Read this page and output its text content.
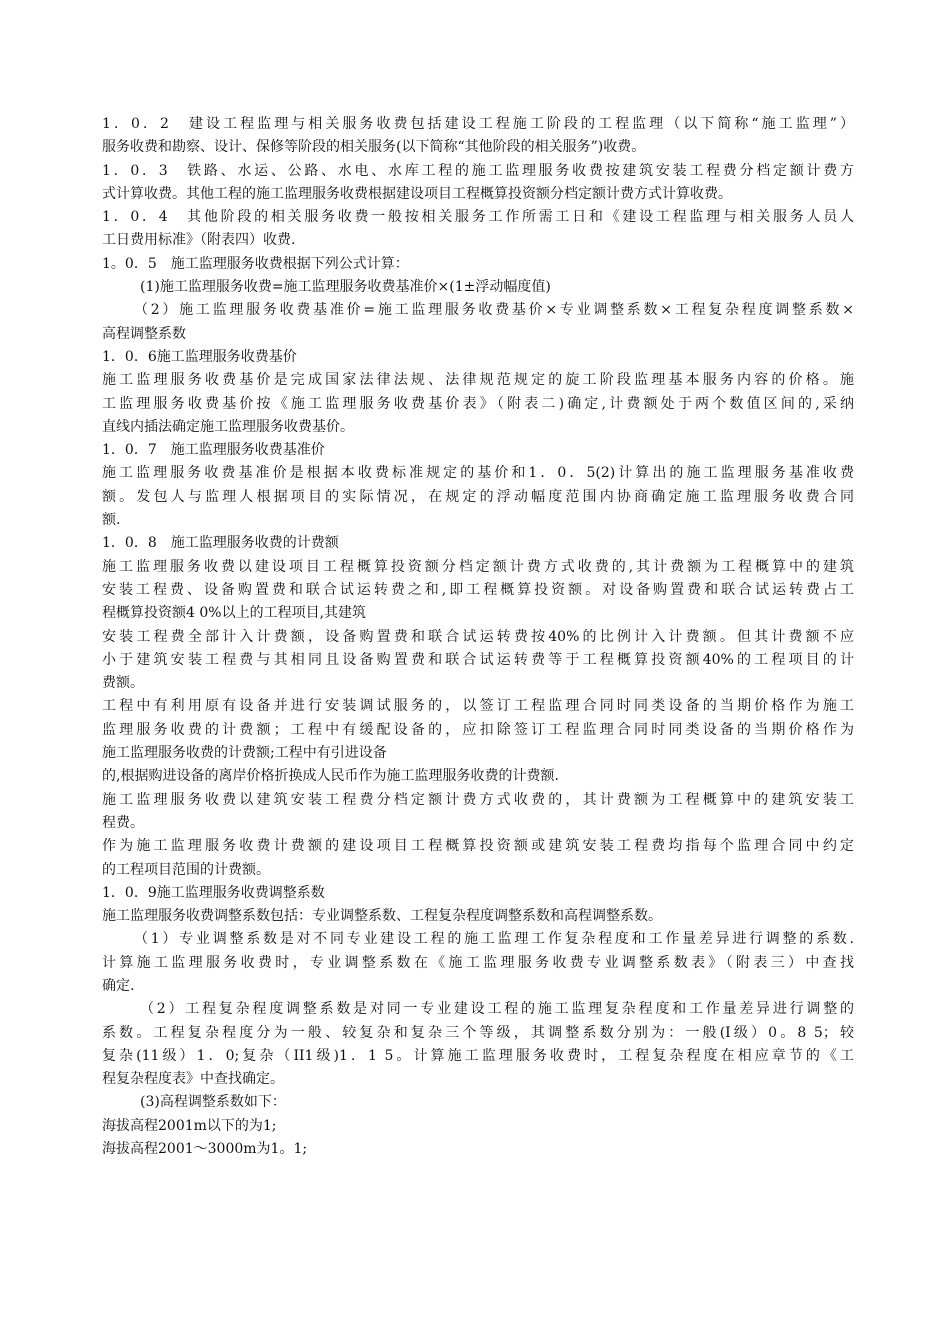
1．0．2　建设工程监理与相关服务收费包括建设工程施工阶段的工程监理（以下简称“施工监理”）
服务收费和勘察、设计、保修等阶段的相关服务(以下简称“其他阶段的相关服务”)收费。
1．0．3　铁路、水运、公路、水电、水库工程的施工监理服务收费按建筑安装工程费分档定额计费方
式计算收费。其他工程的施工监理服务收费根据建设项目工程概算投资额分档定额计费方式计算收费。
1．0．4　其他阶段的相关服务收费一般按相关服务工作所需工日和《建设工程监理与相关服务人员人
工日费用标准》（附表四）收费.
1。0．5　施工监理服务收费根据下列公式计算：
(1)施工监理服务收费=施工监理服务收费基准价×(1±浮动幅度值)
（2）施工监理服务收费基准价=施工监理服务收费基价×专业调整系数×工程复杂程度调整系数×
高程调整系数
1．0．6施工监理服务收费基价
施工监理服务收费基价是完成国家法律法规、法律规范规定的旋工阶段监理基本服务内容的价格。施
工监理服务收费基价按《施工监理服务收费基价表》（附表二)确定,计费额处于两个数值区间的,采纳
直线内插法确定施工监理服务收费基价。
1．0．7　施工监理服务收费基准价
施工监理服务收费基准价是根据本收费标准规定的基价和1．0．5(2)计算出的施工监理服务基准收费
额。发包人与监理人根据项目的实际情况，在规定的浮动幅度范围内协商确定施工监理服务收费合同
额.
1．0．8　施工监理服务收费的计费额
施工监理服务收费以建设项目工程概算投资额分档定额计费方式收费的,其计费额为工程概算中的建筑
安装工程费、设备购置费和联合试运转费之和,即工程概算投资额。对设备购置费和联合试运转费占工
程概算投资额4 0%以上的工程项目,其建筑
安装工程费全部计入计费额，设备购置费和联合试运转费按40%的比例计入计费额。但其计费额不应
小于建筑安装工程费与其相同且设备购置费和联合试运转费等于工程概算投资额40%的工程项目的计
费额。
工程中有利用原有设备并进行安装调试服务的，以签订工程监理合同时同类设备的当期价格作为施工
监理服务收费的计费额；工程中有缓配设备的，应扣除签订工程监理合同时同类设备的当期价格作为
施工监理服务收费的计费额;工程中有引进设备
的,根据购进设备的离岸价格折换成人民币作为施工监理服务收费的计费额.
施工监理服务收费以建筑安装工程费分档定额计费方式收费的，其计费额为工程概算中的建筑安装工
程费。
作为施工监理服务收费计费额的建设项目工程概算投资额或建筑安装工程费均指每个监理合同中约定
的工程项目范围的计费额。
1．0．9施工监理服务收费调整系数
施工监理服务收费调整系数包括：专业调整系数、工程复杂程度调整系数和高程调整系数。
（1）专业调整系数是对不同专业建设工程的施工监理工作复杂程度和工作量差异进行调整的系数.
计算施工监理服务收费时，专业调整系数在《施工监理服务收费专业调整系数表》（附表三）中查找
确定.
（2）工程复杂程度调整系数是对同一专业建设工程的施工监理复杂程度和工作量差异进行调整的
系数。工程复杂程度分为一般、较复杂和复杂三个等级，其调整系数分别为：一般(I级）0。8 5；较
复杂(11级）1．0;复杂（II1级)1．1 5。计算施工监理服务收费时，工程复杂程度在相应章节的《工
程复杂程度表》中查找确定。
(3)高程调整系数如下：
海拔高程2001m以下的为1;
海拔高程2001～3000m为1。1;
